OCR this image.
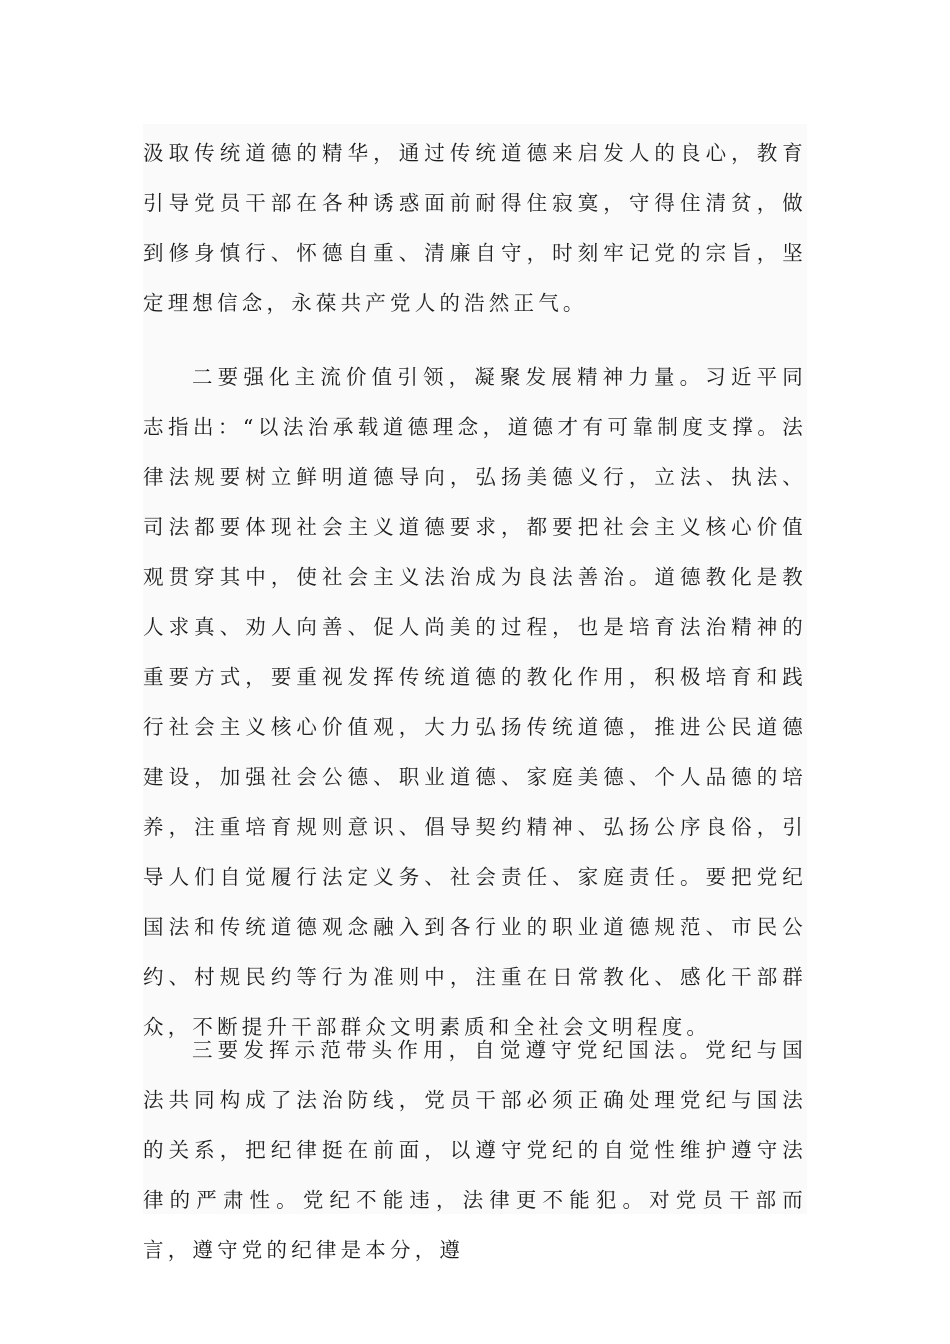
汲取传统道德的精华，通过传统道德来启发人的良心，教育引导党员干部在各种诱惑面前耐得住寂寞，守得住清贫，做到修身慎行、怀德自重、清廉自守，时刻牢记党的宗旨，坚定理想信念，永葆共产党人的浩然正气。

二要强化主流价值引领，凝聚发展精神力量。习近平同志指出：“以法治承载道德理念，道德才有可靠制度支撑。法律法规要树立鲜明道德导向，弘扬美德义行，立法、执法、司法都要体现社会主义道德要求，都要把社会主义核心价值观贯穿其中，使社会主义法治成为良法善治。道德教化是教人求真、劝人向善、促人尚美的过程，也是培育法治精神的重要方式，要重视发挥传统道德的教化作用，积极培育和践行社会主义核心价值观，大力弘扬传统道德，推进公民道德建设，加强社会公德、职业道德、家庭美德、个人品德的培养，注重培育规则意识、倡导契约精神、弘扬公序良俗，引导人们自觉履行法定义务、社会责任、家庭责任。要把党纪国法和传统道德观念融入到各行业的职业道德规范、市民公约、村规民约等行为准则中，注重在日常教化、感化干部群众，不断提升干部群众文明素质和全社会文明程度。

三要发挥示范带头作用，自觉遵守党纪国法。党纪与国法共同构成了法治防线，党员干部必须正确处理党纪与国法的关系，把纪律挺在前面，以遵守党纪的自觉性维护遵守法律的严肃性。党纪不能违，法律更不能犯。对党员干部而言，遵守党的纪律是本分，遵
